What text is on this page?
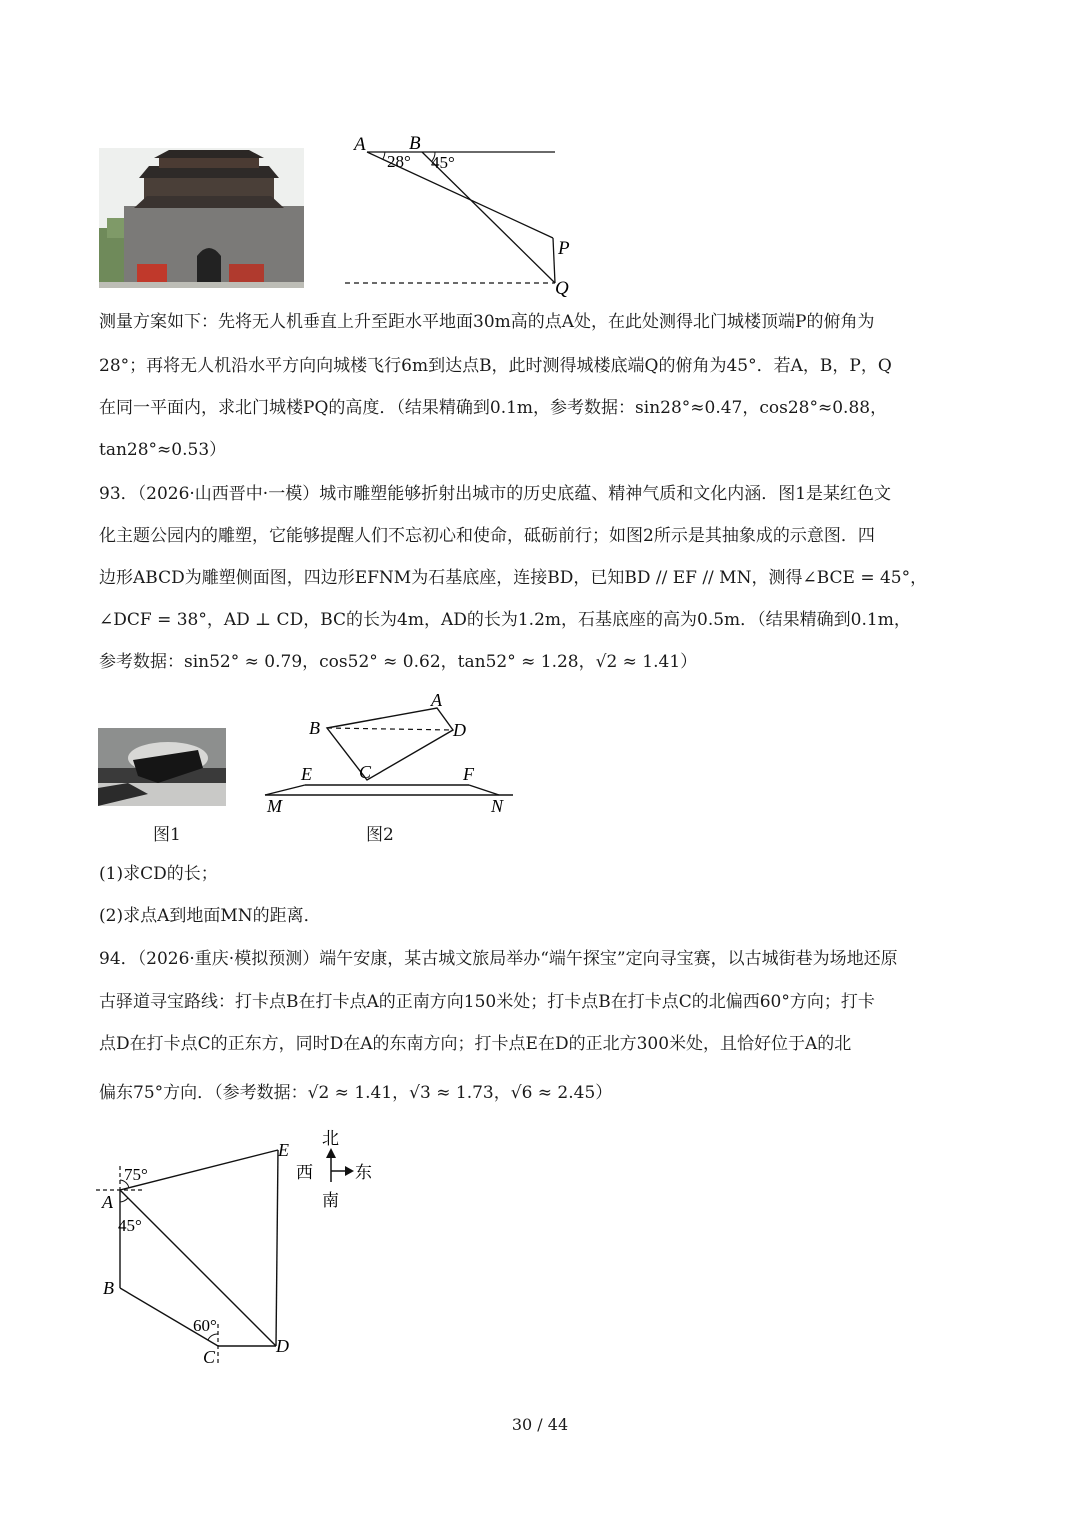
A B
28° 45°
P
Q
测量方案如下：先将无人机垂直上升至距水平地面30m高的点A处，在此处测得北门城楼顶端P的俯角为
28°；再将无人机沿水平方向向城楼飞行6m到达点B，此时测得城楼底端Q的俯角为45°．若A，B，P，Q
在同一平面内，求北门城楼PQ的高度．（结果精确到0.1m，参考数据：sin28°≈0.47，cos28°≈0.88，
tan28°≈0.53）
93．（2026·山西晋中·一模）城市雕塑能够折射出城市的历史底蕴、精神气质和文化内涵．图1是某红色文
化主题公园内的雕塑，它能够提醒人们不忘初心和使命，砥砺前行；如图2所示是其抽象成的示意图．四
边形ABCD为雕塑侧面图，四边形EFNM为石基底座，连接BD，已知BD // EF // MN，测得∠BCE = 45°，
∠DCF = 38°，AD ⊥ CD，BC的长为4m，AD的长为1.2m，石基底座的高为0.5m．（结果精确到0.1m，
参考数据：sin52° ≈ 0.79，cos52° ≈ 0.62，tan52° ≈ 1.28，√2 ≈ 1.41）
图1
B
A
D
C
E	F
M	N
图2
(1)求CD的长；
(2)求点A到地面MN的距离．
94．（2026·重庆·模拟预测）端午安康，某古城文旅局举办“端午探宝”定向寻宝赛，以古城街巷为场地还原
古驿道寻宝路线：打卡点B在打卡点A的正南方向150米处；打卡点B在打卡点C的北偏西60°方向；打卡
点D在打卡点C的正东方，同时D在A的东南方向；打卡点E在D的正北方300米处，且恰好位于A的北
偏东75°方向．（参考数据：√2 ≈ 1.41，√3 ≈ 1.73，√6 ≈ 2.45）
75°
A
45°
B
60°
C
D
E
北
西 东
南
30 / 44
